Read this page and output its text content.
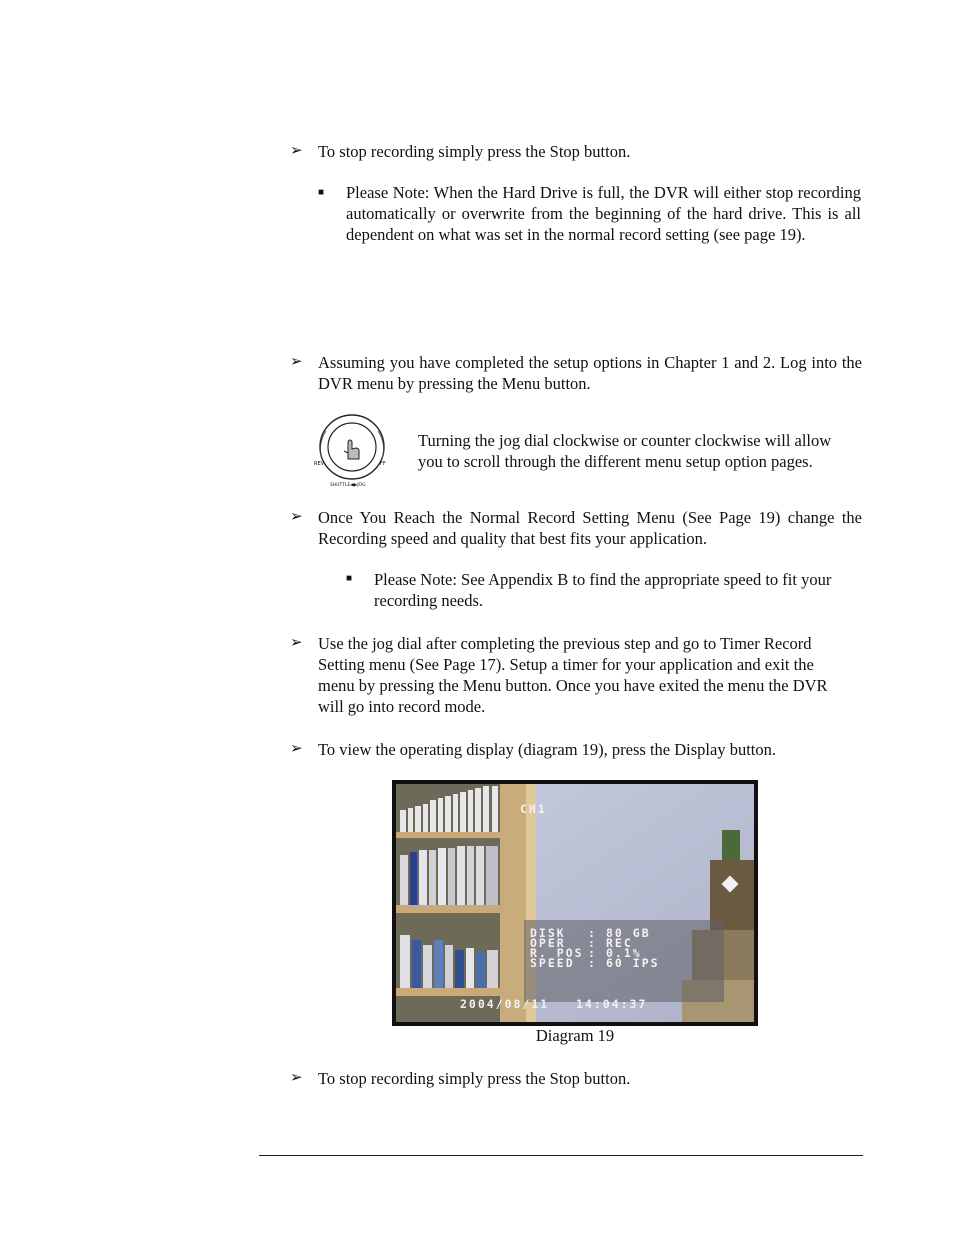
➢ To stop recording simply press the Stop button.
■ Please Note: When the Hard Drive is full, the DVR will either stop recording automatically or overwrite from the beginning of the hard drive. This is all dependent on what was set in the normal record setting (see page 19).
➢ Assuming you have completed the setup options in Chapter 1 and 2. Log into the DVR menu by pressing the Menu button.
REV	FF
SHUTTLE◀▶JOG
Turning the jog dial clockwise or counter clockwise will allow you to scroll through the different menu setup option pages.
➢ Once You Reach the Normal Record Setting Menu (See Page 19) change the Recording speed and quality that best fits your application.
■ Please Note: See Appendix B to find the appropriate speed to fit your recording needs.
➢ Use the jog dial after completing the previous step and go to Timer Record Setting menu (See Page 17). Setup a timer for your application and exit the menu by pressing the Menu button. Once you have exited the menu the DVR will go into record mode.
➢ To view the operating display (diagram 19), press the Display button.
CH1
DISK : 80 GB
OPER : REC
R. POS : 0.1%
SPEED : 60 IPS
2004/08/11   14:04:37
Diagram 19
➢ To stop recording simply press the Stop button.
